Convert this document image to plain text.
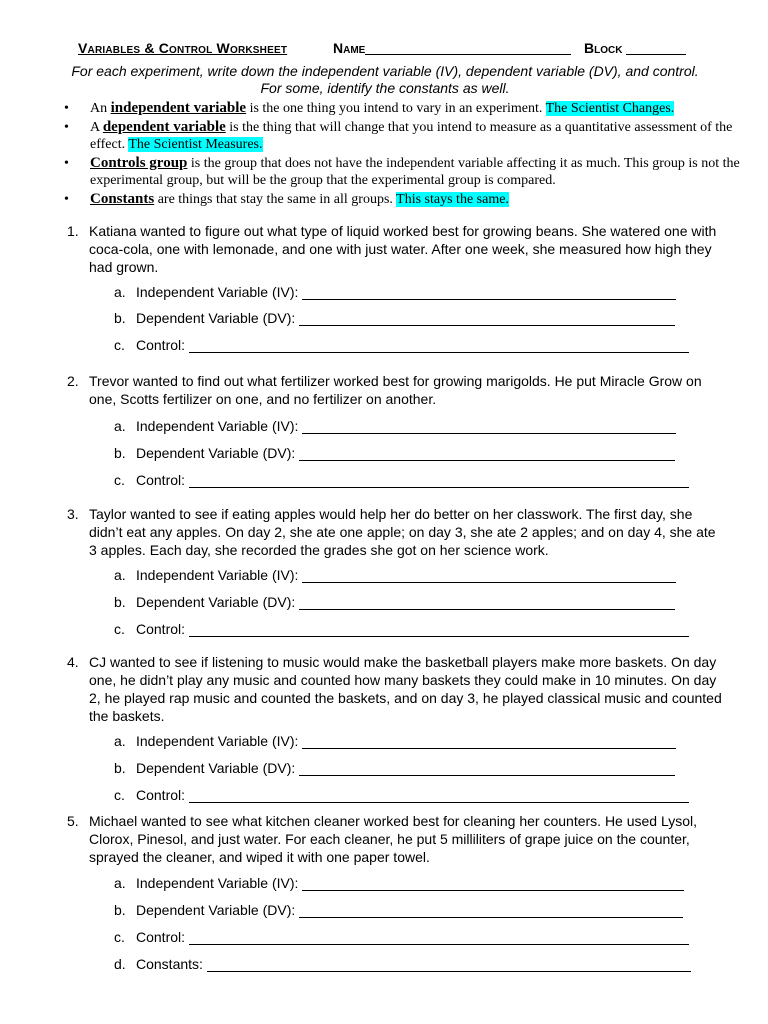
Variables & Control Worksheet	Name	Block
For each experiment, write down the independent variable (IV), dependent variable (DV), and control.
For some, identify the constants as well.
• An independent variable is the one thing you intend to vary in an experiment. The Scientist Changes.
• A dependent variable is the thing that will change that you intend to measure as a quantitative assessment of the effect. The Scientist Measures.
• Controls group is the group that does not have the independent variable affecting it as much. This group is not the experimental group, but will be the group that the experimental group is compared.
• Constants are things that stay the same in all groups. This stays the same.
1. Katiana wanted to figure out what type of liquid worked best for growing beans. She watered one with coca-cola, one with lemonade, and one with just water. After one week, she measured how high they had grown.
a. Independent Variable (IV):
b. Dependent Variable (DV):
c. Control:
2. Trevor wanted to find out what fertilizer worked best for growing marigolds. He put Miracle Grow on one, Scotts fertilizer on one, and no fertilizer on another.
a. Independent Variable (IV):
b. Dependent Variable (DV):
c. Control:
3. Taylor wanted to see if eating apples would help her do better on her classwork. The first day, she didn’t eat any apples. On day 2, she ate one apple; on day 3, she ate 2 apples; and on day 4, she ate 3 apples. Each day, she recorded the grades she got on her science work.
a. Independent Variable (IV):
b. Dependent Variable (DV):
c. Control:
4. CJ wanted to see if listening to music would make the basketball players make more baskets. On day one, he didn’t play any music and counted how many baskets they could make in 10 minutes. On day 2, he played rap music and counted the baskets, and on day 3, he played classical music and counted the baskets.
a. Independent Variable (IV):
b. Dependent Variable (DV):
c. Control:
5. Michael wanted to see what kitchen cleaner worked best for cleaning her counters. He used Lysol, Clorox, Pinesol, and just water. For each cleaner, he put 5 milliliters of grape juice on the counter, sprayed the cleaner, and wiped it with one paper towel.
a. Independent Variable (IV):
b. Dependent Variable (DV):
c. Control:
d. Constants:
